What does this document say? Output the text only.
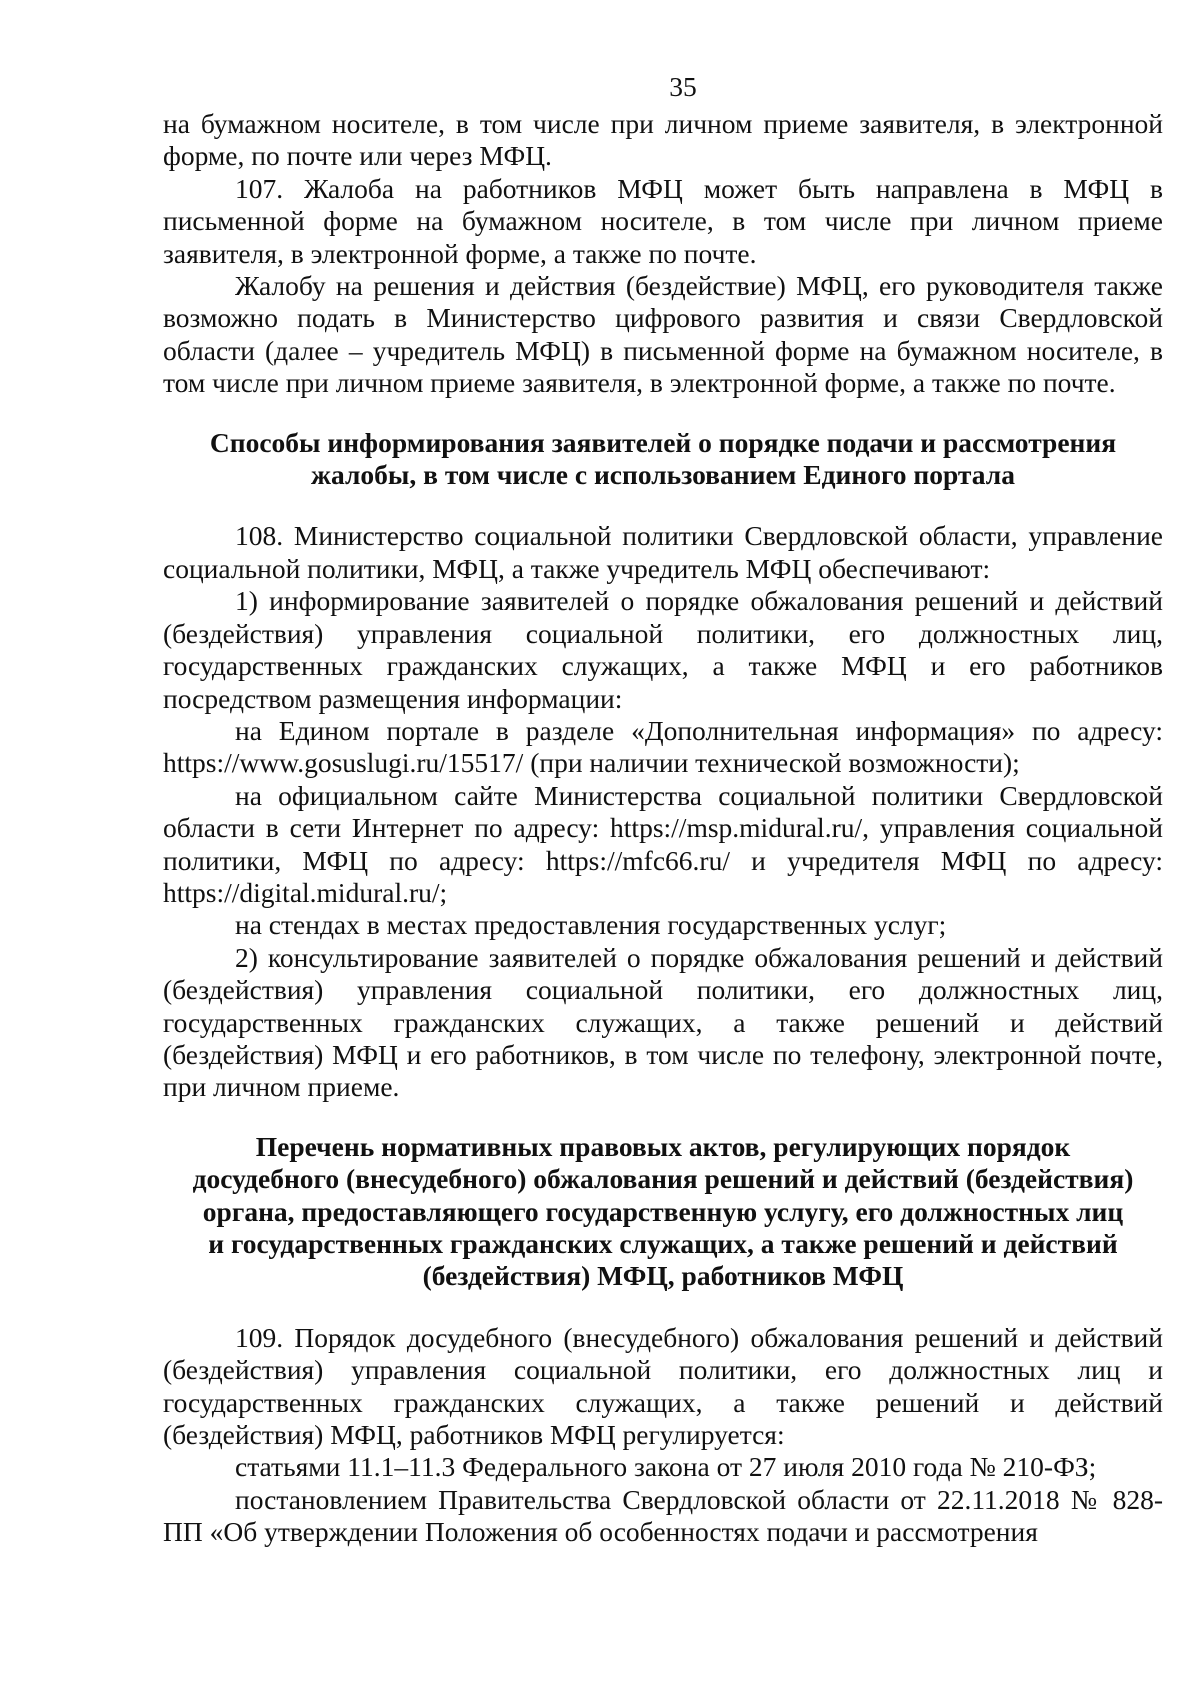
35

на бумажном носителе, в том числе при личном приеме заявителя, в электронной форме, по почте или через МФЦ.

107. Жалоба на работников МФЦ может быть направлена в МФЦ в письменной форме на бумажном носителе, в том числе при личном приеме заявителя, в электронной форме, а также по почте.

Жалобу на решения и действия (бездействие) МФЦ, его руководителя также возможно подать в Министерство цифрового развития и связи Свердловской области (далее – учредитель МФЦ) в письменной форме на бумажном носителе, в том числе при личном приеме заявителя, в электронной форме, а также по почте.

Способы информирования заявителей о порядке подачи и рассмотрения
жалобы, в том числе с использованием Единого портала

108. Министерство социальной политики Свердловской области, управление социальной политики, МФЦ, а также учредитель МФЦ обеспечивают:

1) информирование заявителей о порядке обжалования решений и действий (бездействия) управления социальной политики, его должностных лиц, государственных гражданских служащих, а также МФЦ и его работников посредством размещения информации:

на Едином портале в разделе «Дополнительная информация» по адресу: https://www.gosuslugi.ru/15517/ (при наличии технической возможности);

на официальном сайте Министерства социальной политики Свердловской области в сети Интернет по адресу: https://msp.midural.ru/, управления социальной политики, МФЦ по адресу: https://mfc66.ru/ и учредителя МФЦ по адресу: https://digital.midural.ru/;

на стендах в местах предоставления государственных услуг;

2) консультирование заявителей о порядке обжалования решений и действий (бездействия) управления социальной политики, его должностных лиц, государственных гражданских служащих, а также решений и действий (бездействия) МФЦ и его работников, в том числе по телефону, электронной почте, при личном приеме.

Перечень нормативных правовых актов, регулирующих порядок
досудебного (внесудебного) обжалования решений и действий (бездействия)
органа, предоставляющего государственную услугу, его должностных лиц
и государственных гражданских служащих, а также решений и действий
(бездействия) МФЦ, работников МФЦ

109. Порядок досудебного (внесудебного) обжалования решений и действий (бездействия) управления социальной политики, его должностных лиц и государственных гражданских служащих, а также решений и действий (бездействия) МФЦ, работников МФЦ регулируется:

статьями 11.1–11.3 Федерального закона от 27 июля 2010 года № 210-ФЗ;

постановлением Правительства Свердловской области от 22.11.2018 № 828-ПП «Об утверждении Положения об особенностях подачи и рассмотрения
